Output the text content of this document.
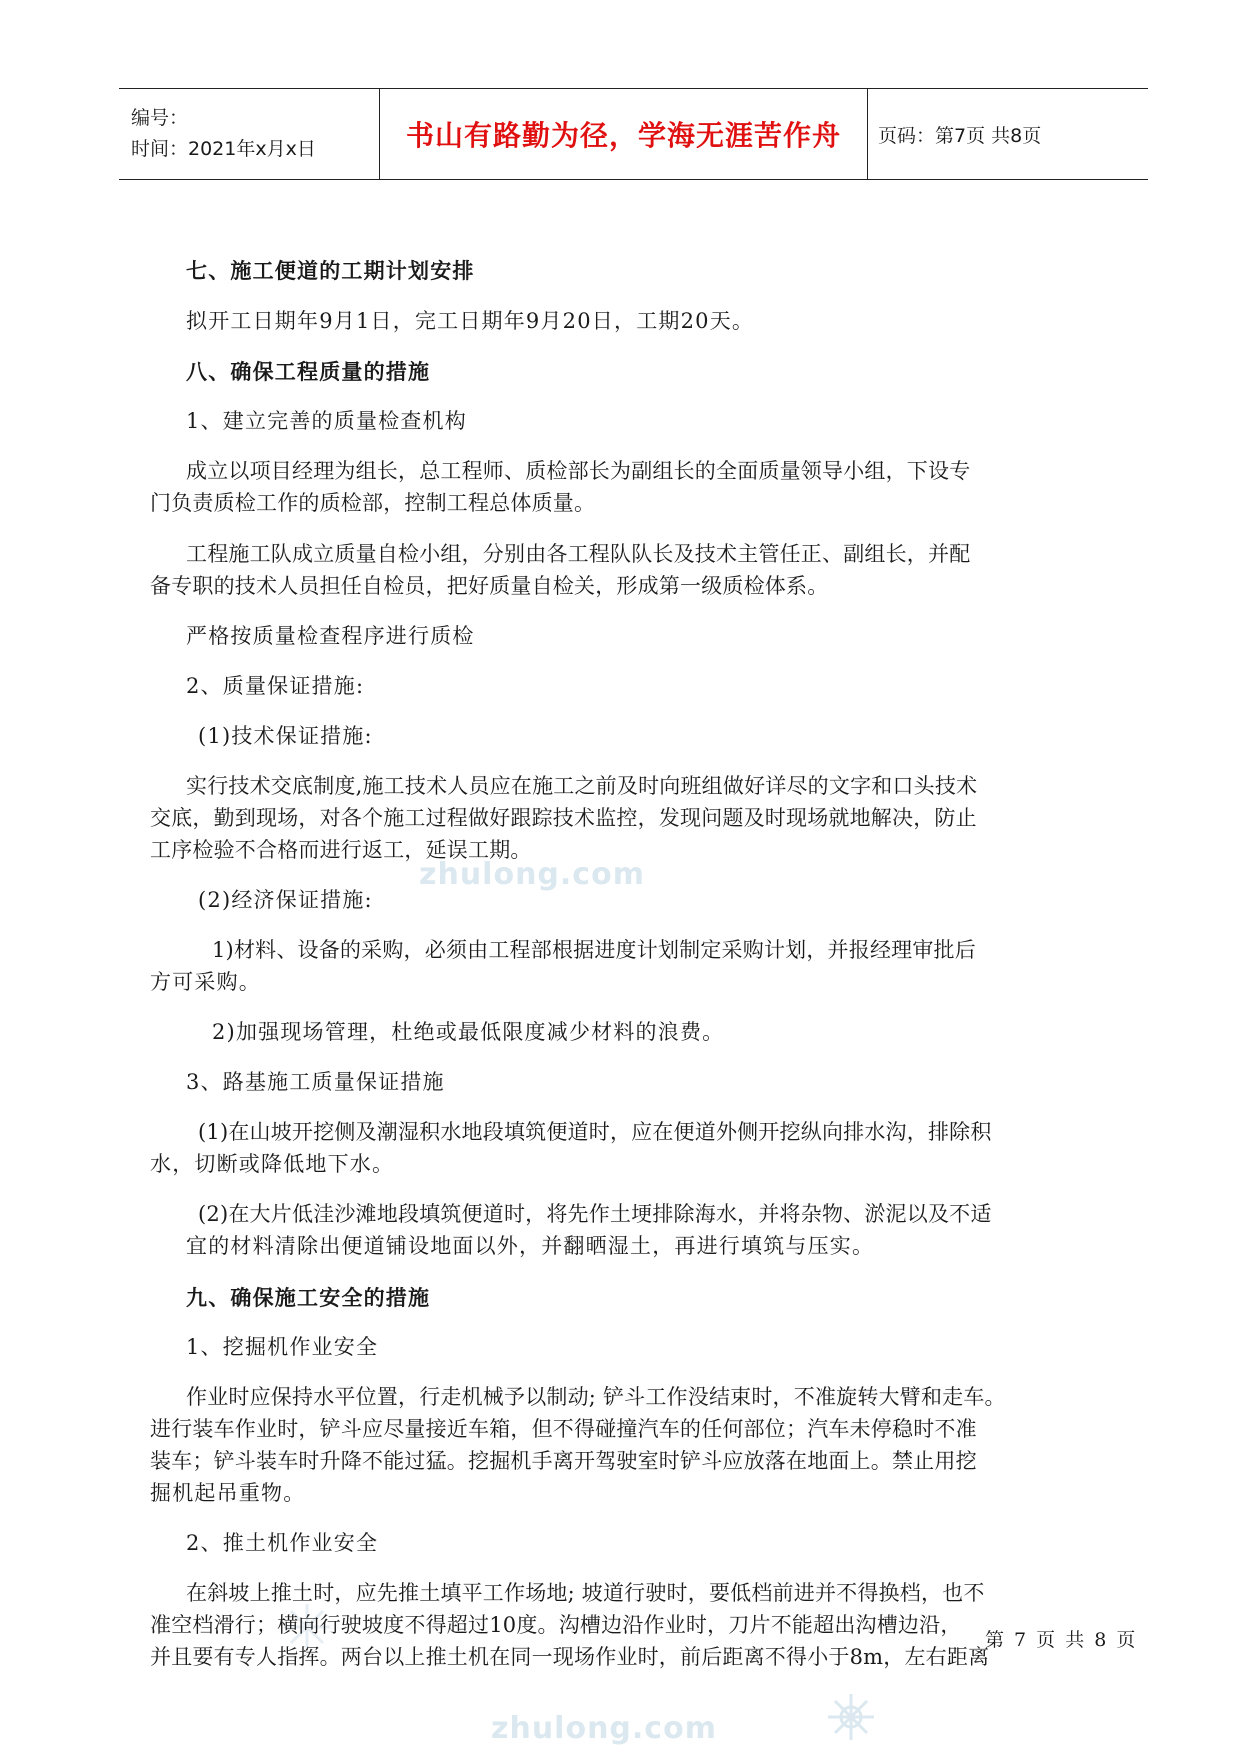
编号：
时间：2021年x月x日	书山有路勤为径，学海无涯苦作舟 页码：第7页 共8页
zhulong.com
zhulong.com
七、施工便道的工期计划安排
拟开工日期年9月1日，完工日期年9月20日，工期20天。
八、确保工程质量的措施
1、建立完善的质量检查机构
成立以项目经理为组长，总工程师、质检部长为副组长的全面质量领导小组，下设专
门负责质检工作的质检部，控制工程总体质量。
工程施工队成立质量自检小组，分别由各工程队队长及技术主管任正、副组长，并配
备专职的技术人员担任自检员，把好质量自检关，形成第一级质检体系。
严格按质量检查程序进行质检
2、质量保证措施:
(1)技术保证措施:
实行技术交底制度,施工技术人员应在施工之前及时向班组做好详尽的文字和口头技术
交底，勤到现场，对各个施工过程做好跟踪技术监控，发现问题及时现场就地解决，防止
工序检验不合格而进行返工，延误工期。
(2)经济保证措施:
1)材料、设备的采购，必须由工程部根据进度计划制定采购计划，并报经理审批后
方可采购。
2)加强现场管理，杜绝或最低限度减少材料的浪费。
3、路基施工质量保证措施
(1)在山坡开挖侧及潮湿积水地段填筑便道时，应在便道外侧开挖纵向排水沟，排除积
水，切断或降低地下水。
(2)在大片低洼沙滩地段填筑便道时，将先作土埂排除海水，并将杂物、淤泥以及不适
宜的材料清除出便道铺设地面以外，并翻晒湿土，再进行填筑与压实。
九、确保施工安全的措施
1、挖掘机作业安全
作业时应保持水平位置，行走机械予以制动; 铲斗工作没结束时，不准旋转大臂和走车。
进行装车作业时，铲斗应尽量接近车箱，但不得碰撞汽车的任何部位；汽车未停稳时不准
装车；铲斗装车时升降不能过猛。挖掘机手离开驾驶室时铲斗应放落在地面上。禁止用挖
掘机起吊重物。
2、推土机作业安全
在斜坡上推土时，应先推土填平工作场地; 坡道行驶时，要低档前进并不得换档，也不
准空档滑行；横向行驶坡度不得超过10度。沟槽边沿作业时，刀片不能超出沟槽边沿，
并且要有专人指挥。两台以上推土机在同一现场作业时，前后距离不得小于8m，左右距离
第 7 页 共 8 页
